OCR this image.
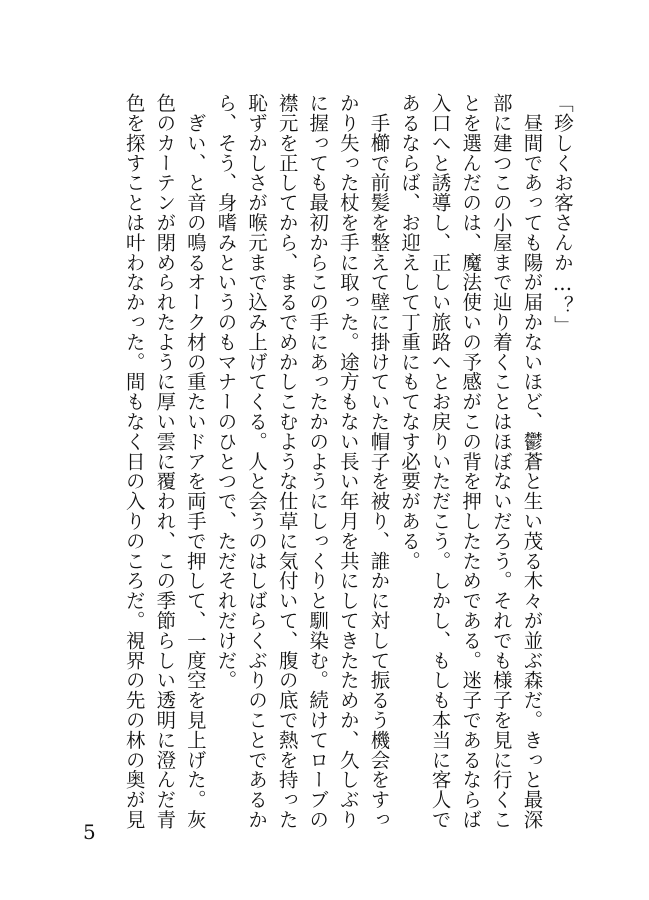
「珍しくお客さんか…？」
　昼間であっても陽が届かないほど、鬱蒼と生い茂る木々が並ぶ森だ。きっと最深
部に建つこの小屋まで辿り着くことはほぼないだろう。それでも様子を見に行くこ
とを選んだのは、魔法使いの予感がこの背を押したためである。迷子であるならば
入口へと誘導し、正しい旅路へとお戻りいただこう。しかし、もしも本当に客人で
あるならば、お迎えして丁重にもてなす必要がある。
　手櫛で前髪を整えて壁に掛けていた帽子を被り、誰かに対して振るう機会をすっ
かり失った杖を手に取った。途方もない長い年月を共にしてきたためか、久しぶり
に握っても最初からこの手にあったかのようにしっくりと馴染む。続けてローブの
襟元を正してから、まるでめかしこむような仕草に気付いて、腹の底で熱を持った
恥ずかしさが喉元まで込み上げてくる。人と会うのはしばらくぶりのことであるか
ら、そう、身嗜みというのもマナーのひとつで、ただそれだけだ。
　ぎい、と音の鳴るオーク材の重たいドアを両手で押して、一度空を見上げた。灰
色のカーテンが閉められたように厚い雲に覆われ、この季節らしい透明に澄んだ青
色を探すことは叶わなかった。間もなく日の入りのころだ。視界の先の林の奥が見
5
